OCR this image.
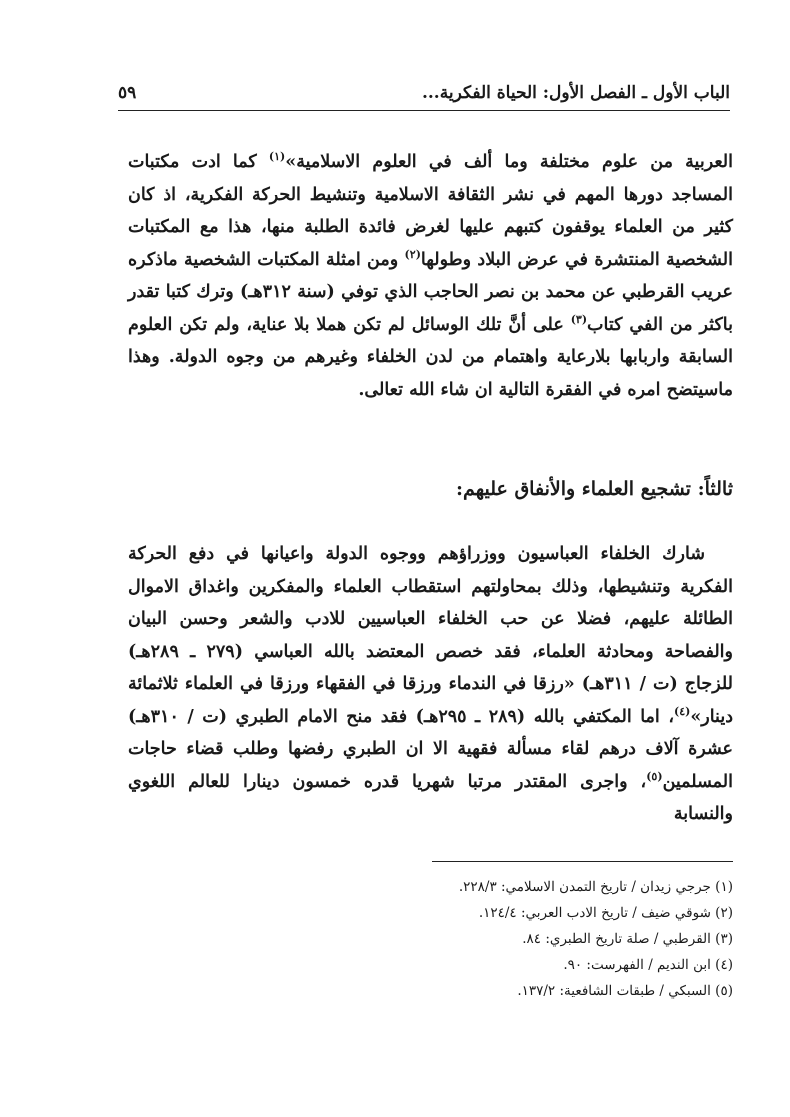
الباب الأول ـ الفصل الأول: الحياة الفكرية...
٥٩

العربية من علوم مختلفة وما ألف في العلوم الاسلامية»$^{(١)}$ كما ادت مكتبات المساجد دورها المهم في نشر الثقافة الاسلامية وتنشيط الحركة الفكرية، اذ كان كثير من العلماء يوقفون كتبهم عليها لغرض فائدة الطلبة منها، هذا مع المكتبات الشخصية المنتشرة في عرض البلاد وطولها$^{(٢)}$ ومن امثلة المكتبات الشخصية ماذكره عريب القرطبي عن محمد بن نصر الحاجب الذي توفي (سنة ٣١٢هـ) وترك كتبا تقدر باكثر من الفي كتاب$^{(٣)}$ على أنَّ تلك الوسائل لم تكن هملا بلا عناية، ولم تكن العلوم السابقة واربابها بلارعاية واهتمام من لدن الخلفاء وغيرهم من وجوه الدولة. وهذا ماسيتضح امره في الفقرة التالية ان شاء الله تعالى.

ثالثاً: تشجيع العلماء والأنفاق عليهم:

شارك الخلفاء العباسيون ووزراؤهم ووجوه الدولة واعيانها في دفع الحركة الفكرية وتنشيطها، وذلك بمحاولتهم استقطاب العلماء والمفكرين واغداق الاموال الطائلة عليهم، فضلا عن حب الخلفاء العباسيين للادب والشعر وحسن البيان والفصاحة ومحادثة العلماء، فقد خصص المعتضد بالله العباسي (٢٧٩ ـ ٢٨٩هـ) للزجاج (ت / ٣١١هـ) «رزقا في الندماء ورزقا في الفقهاء ورزقا في العلماء ثلاثمائة دينار»$^{(٤)}$، اما المكتفي بالله (٢٨٩ ـ ٢٩٥هـ) فقد منح الامام الطبري (ت / ٣١٠هـ) عشرة آلاف درهم لقاء مسألة فقهية الا ان الطبري رفضها وطلب قضاء حاجات المسلمين$^{(٥)}$، واجرى المقتدر مرتبا شهريا قدره خمسون دينارا للعالم اللغوي والنسابة

(١) جرجي زيدان / تاريخ التمدن الاسلامي: ٢٢٨/٣.
(٢) شوقي ضيف / تاريخ الادب العربي: ١٢٤/٤.
(٣) القرطبي / صلة تاريخ الطبري: ٨٤.
(٤) ابن النديم / الفهرست: ٩٠.
(٥) السبكي / طبقات الشافعية: ١٣٧/٢.
